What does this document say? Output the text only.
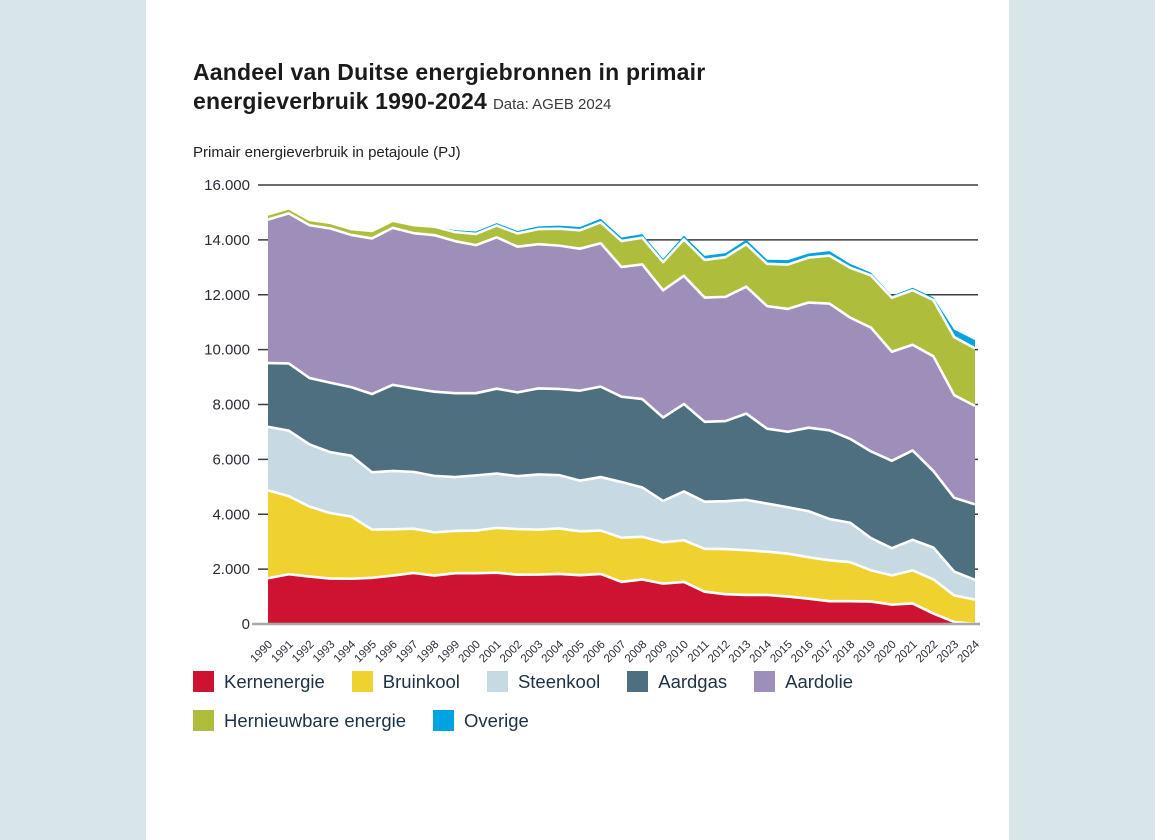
Aandeel van Duitse energiebronnen in primair
energieverbruik 1990-2024 Data: AGEB 2024

Primair energieverbruik in petajoule (PJ)

0
2.000
4.000
6.000
8.000
10.000
12.000
14.000
16.000
1990
1991
1992
1993
1994
1995
1996
1997
1998
1999
2000
2001
2002
2003
2004
2005
2006
2007
2008
2009
2010
2011
2012
2013
2014
2015
2016
2017
2018
2019
2020
2021
2022
2023
2024
Kernenergie	Bruinkool	Steenkool	Aardgas	Aardolie
Hernieuwbare energie	Overige
